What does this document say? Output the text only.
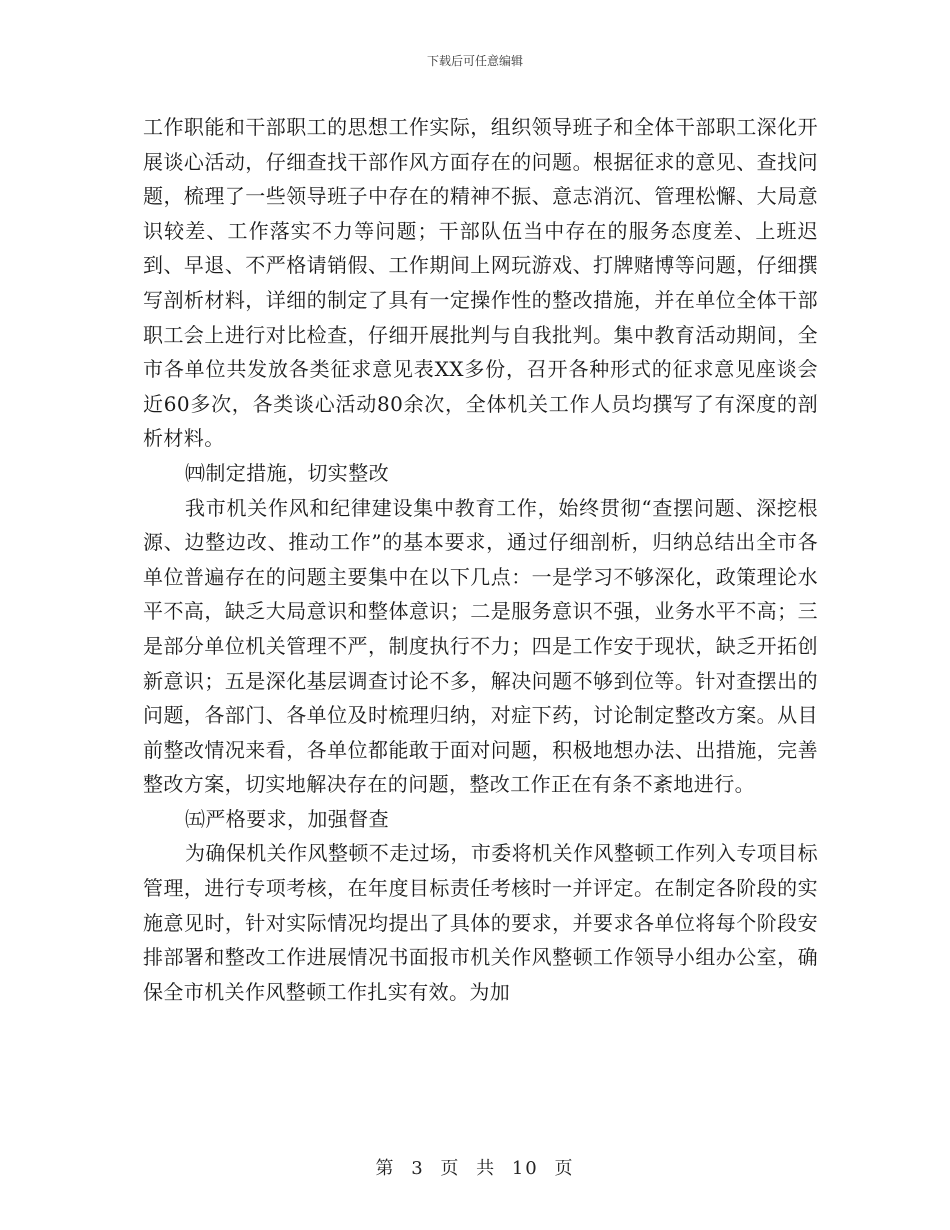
下载后可任意编辑

工作职能和干部职工的思想工作实际，组织领导班子和全体干部职工深化开展谈心活动，仔细查找干部作风方面存在的问题。根据征求的意见、查找问题，梳理了一些领导班子中存在的精神不振、意志消沉、管理松懈、大局意识较差、工作落实不力等问题；干部队伍当中存在的服务态度差、上班迟到、早退、不严格请销假、工作期间上网玩游戏、打牌赌博等问题，仔细撰写剖析材料，详细的制定了具有一定操作性的整改措施，并在单位全体干部职工会上进行对比检查，仔细开展批判与自我批判。集中教育活动期间，全市各单位共发放各类征求意见表XX多份，召开各种形式的征求意见座谈会近60多次，各类谈心活动80余次，全体机关工作人员均撰写了有深度的剖析材料。

㈣制定措施，切实整改

我市机关作风和纪律建设集中教育工作，始终贯彻“查摆问题、深挖根源、边整边改、推动工作”的基本要求，通过仔细剖析，归纳总结出全市各单位普遍存在的问题主要集中在以下几点：一是学习不够深化，政策理论水平不高，缺乏大局意识和整体意识；二是服务意识不强，业务水平不高；三是部分单位机关管理不严，制度执行不力；四是工作安于现状，缺乏开拓创新意识；五是深化基层调查讨论不多，解决问题不够到位等。针对查摆出的问题，各部门、各单位及时梳理归纳，对症下药，讨论制定整改方案。从目前整改情况来看，各单位都能敢于面对问题，积极地想办法、出措施，完善整改方案，切实地解决存在的问题，整改工作正在有条不紊地进行。

㈤严格要求，加强督查

为确保机关作风整顿不走过场，市委将机关作风整顿工作列入专项目标管理，进行专项考核，在年度目标责任考核时一并评定。在制定各阶段的实施意见时，针对实际情况均提出了具体的要求，并要求各单位将每个阶段安排部署和整改工作进展情况书面报市机关作风整顿工作领导小组办公室，确保全市机关作风整顿工作扎实有效。为加

第 3 页 共 10 页
